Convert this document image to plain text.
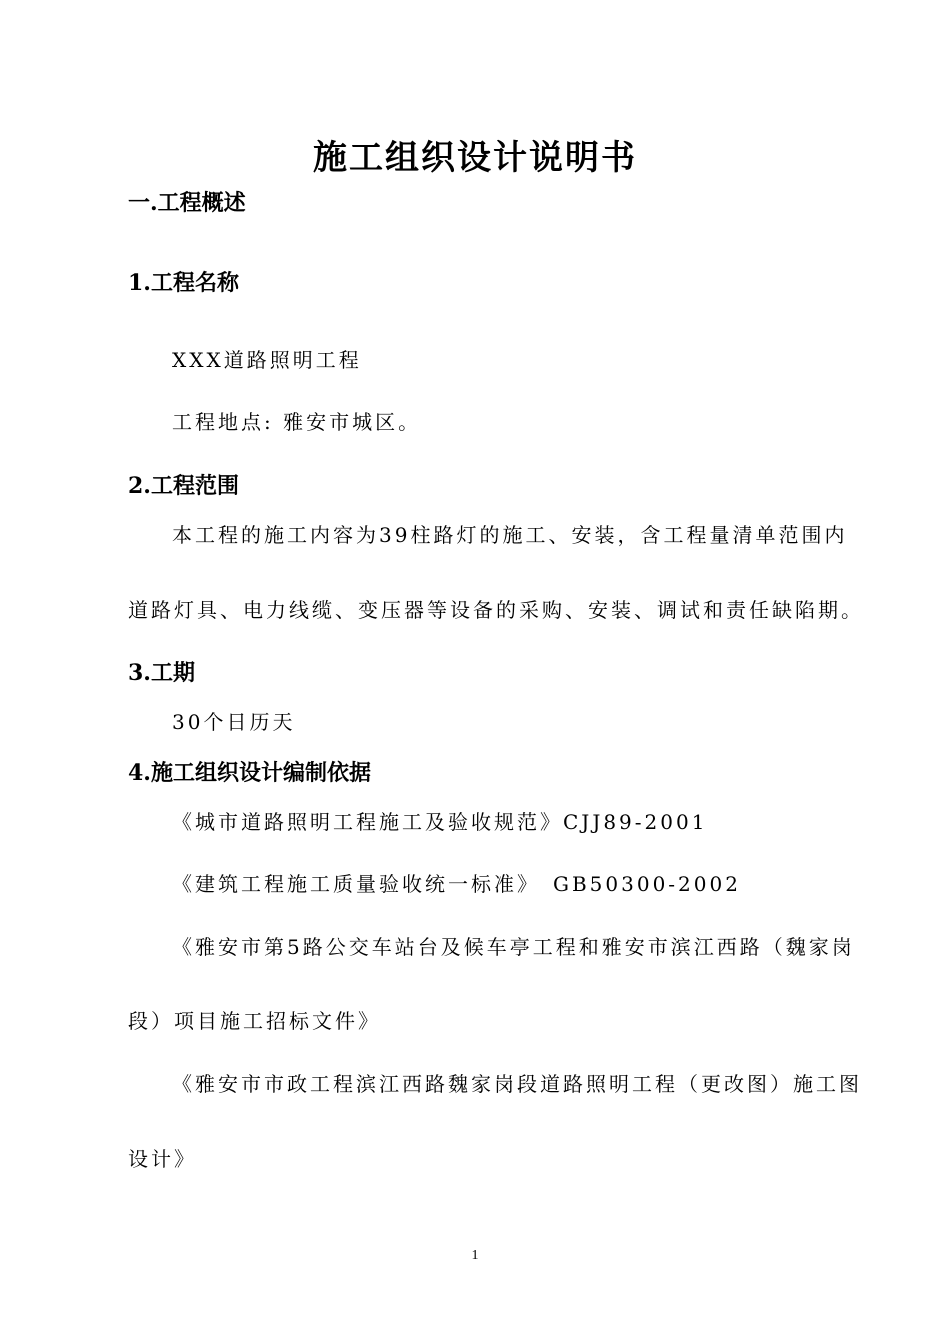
施工组织设计说明书
一.工程概述
1.工程名称
XXX道路照明工程
工程地点: 雅安市城区。
2.工程范围
本工程的施工内容为39柱路灯的施工、安装，含工程量清单范围内
道路灯具、电力线缆、变压器等设备的采购、安装、调试和责任缺陷期。
3.工期
30个日历天
4.施工组织设计编制依据
《城市道路照明工程施工及验收规范》CJJ89-2001
《建筑工程施工质量验收统一标准》　GB50300-2002
《雅安市第5路公交车站台及候车亭工程和雅安市滨江西路（魏家岗
段）项目施工招标文件》
《雅安市市政工程滨江西路魏家岗段道路照明工程（更改图）施工图
设计》
1
